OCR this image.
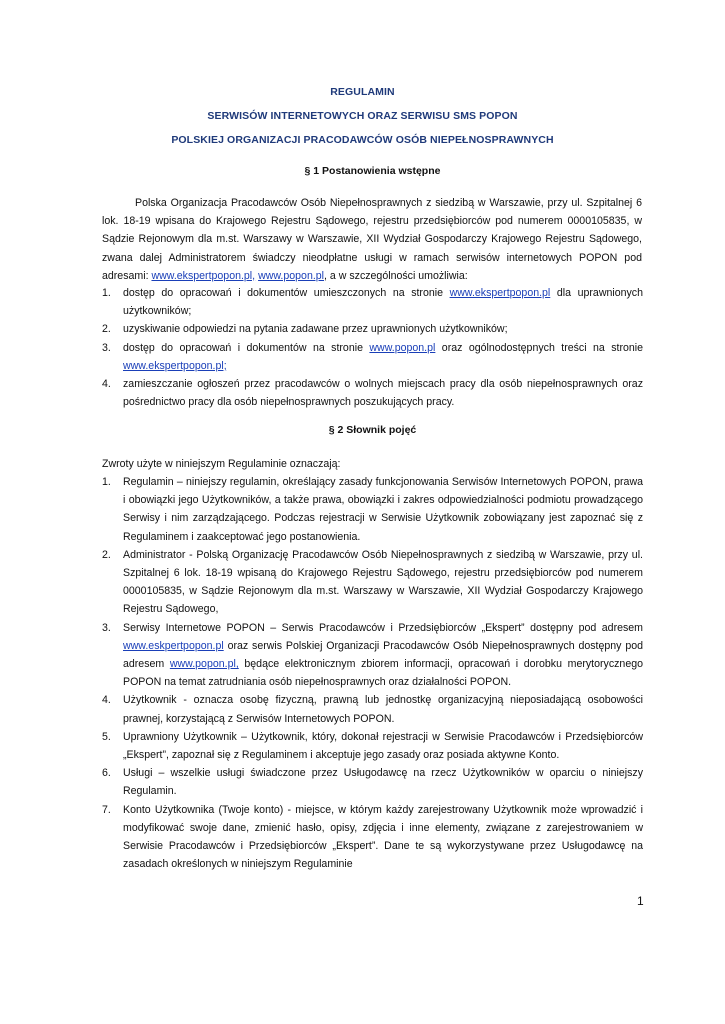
REGULAMIN
SERWISÓW INTERNETOWYCH ORAZ SERWISU SMS POPON
POLSKIEJ ORGANIZACJI PRACODAWCÓW OSÓB NIEPEŁNOSPRAWNYCH
§ 1 Postanowienia wstępne
Polska Organizacja Pracodawców Osób Niepełnosprawnych z siedzibą w Warszawie, przy ul. Szpitalnej 6 lok. 18-19 wpisana do Krajowego Rejestru Sądowego, rejestru przedsiębiorców pod numerem 0000105835, w Sądzie Rejonowym dla m.st. Warszawy w Warszawie, XII Wydział Gospodarczy Krajowego Rejestru Sądowego, zwana dalej Administratorem świadczy nieodpłatne usługi w ramach serwisów internetowych POPON pod adresami: www.ekspertpopon.pl, www.popon.pl, a w szczególności umożliwia:
1. dostęp do opracowań i dokumentów umieszczonych na stronie www.ekspertpopon.pl dla uprawnionych użytkowników;
2. uzyskiwanie odpowiedzi na pytania zadawane przez uprawnionych użytkowników;
3. dostęp do opracowań i dokumentów na stronie www.popon.pl oraz ogólnodostępnych treści na stronie www.ekspertpopon.pl;
4. zamieszczanie ogłoszeń przez pracodawców o wolnych miejscach pracy dla osób niepełnosprawnych oraz pośrednictwo pracy dla osób niepełnosprawnych poszukujących pracy.
§ 2 Słownik pojęć
Zwroty użyte w niniejszym Regulaminie oznaczają:
1. Regulamin – niniejszy regulamin, określający zasady funkcjonowania Serwisów Internetowych POPON, prawa i obowiązki jego Użytkowników, a także prawa, obowiązki i zakres odpowiedzialności podmiotu prowadzącego Serwisy i nim zarządzającego. Podczas rejestracji w Serwisie Użytkownik zobowiązany jest zapoznać się z Regulaminem i zaakceptować jego postanowienia.
2. Administrator - Polską Organizację Pracodawców Osób Niepełnosprawnych z siedzibą w Warszawie, przy ul. Szpitalnej 6 lok. 18-19 wpisaną do Krajowego Rejestru Sądowego, rejestru przedsiębiorców pod numerem 0000105835, w Sądzie Rejonowym dla m.st. Warszawy w Warszawie, XII Wydział Gospodarczy Krajowego Rejestru Sądowego,
3. Serwisy Internetowe POPON – Serwis Pracodawców i Przedsiębiorców „Ekspert” dostępny pod adresem www.eskpertpopon.pl oraz serwis Polskiej Organizacji Pracodawców Osób Niepełnosprawnych dostępny pod adresem www.popon.pl, będące elektronicznym zbiorem informacji, opracowań i dorobku merytorycznego POPON na temat zatrudniania osób niepełnosprawnych oraz działalności POPON.
4. Użytkownik - oznacza osobę fizyczną, prawną lub jednostkę organizacyjną nieposiadającą osobowości prawnej, korzystającą z Serwisów Internetowych POPON.
5. Uprawniony Użytkownik – Użytkownik, który, dokonał rejestracji w Serwisie Pracodawców i Przedsiębiorców „Ekspert”, zapoznał się z Regulaminem i akceptuje jego zasady oraz posiada aktywne Konto.
6. Usługi – wszelkie usługi świadczone przez Usługodawcę na rzecz Użytkowników w oparciu o niniejszy Regulamin.
7. Konto Użytkownika (Twoje konto) - miejsce, w którym każdy zarejestrowany Użytkownik może wprowadzić i modyfikować swoje dane, zmienić hasło, opisy, zdjęcia i inne elementy, związane z zarejestrowaniem w Serwisie Pracodawców i Przedsiębiorców „Ekspert”. Dane te są wykorzystywane przez Usługodawcę na zasadach określonych w niniejszym Regulaminie
1
